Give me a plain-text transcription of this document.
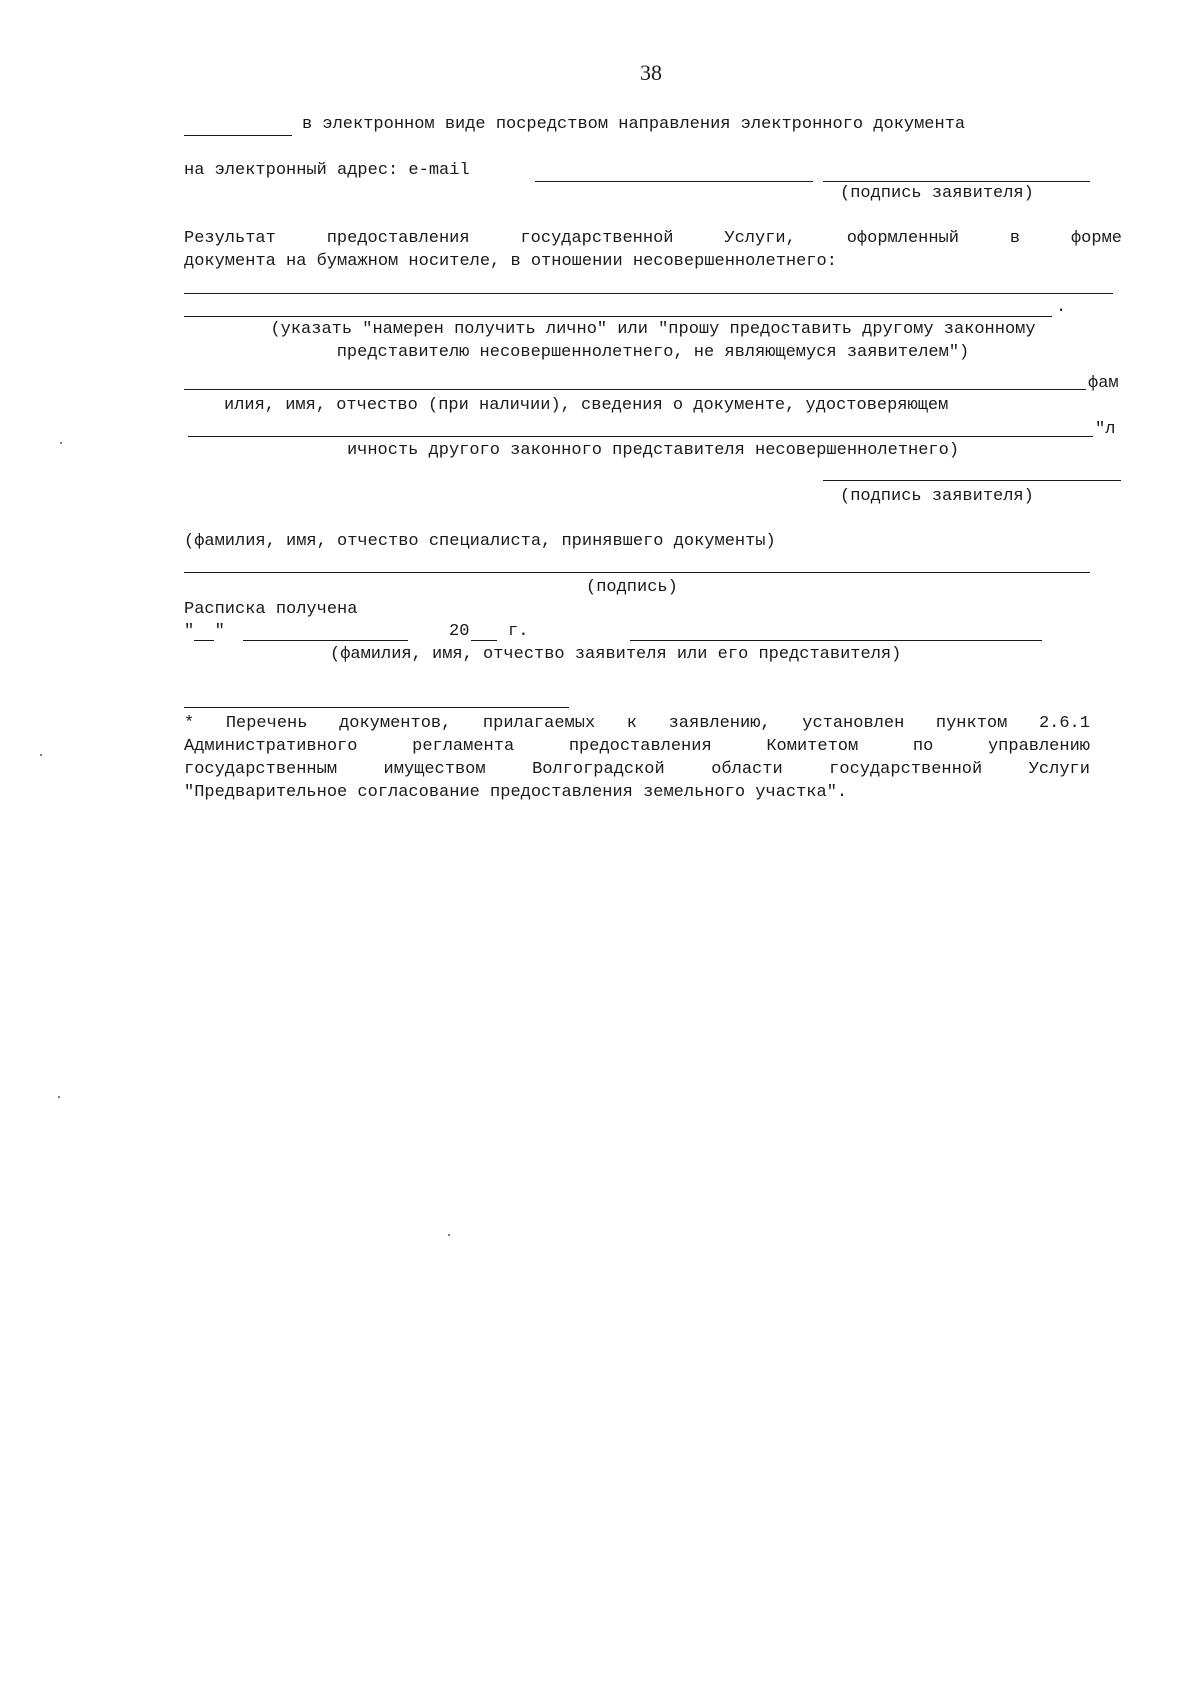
38
в электронном виде посредством направления электронного документа
на электронный адрес: e-mail
(подпись заявителя)
Результат	предоставления	государственной	Услуги,	оформленный	в	форме
документа на бумажном носителе, в отношении несовершеннолетнего:
.
(указать "намерен получить лично" или "прошу предоставить другому законному
представителю несовершеннолетнего, не являющемуся заявителем")
фам
илия, имя, отчество (при наличии), сведения о документе, удостоверяющем
"л
ичность другого законного представителя несовершеннолетнего)
(подпись заявителя)
(фамилия, имя, отчество специалиста, принявшего документы)
(подпись)
Расписка получена
"  "	20 г.
(фамилия, имя, отчество заявителя или его представителя)
* Перечень документов, прилагаемых к заявлению, установлен пунктом 2.6.1
Административного	регламента	предоставления	Комитетом	по	управлению
государственным	имуществом	Волгоградской	области	государственной	Услуги
"Предварительное согласование предоставления земельного участка".
